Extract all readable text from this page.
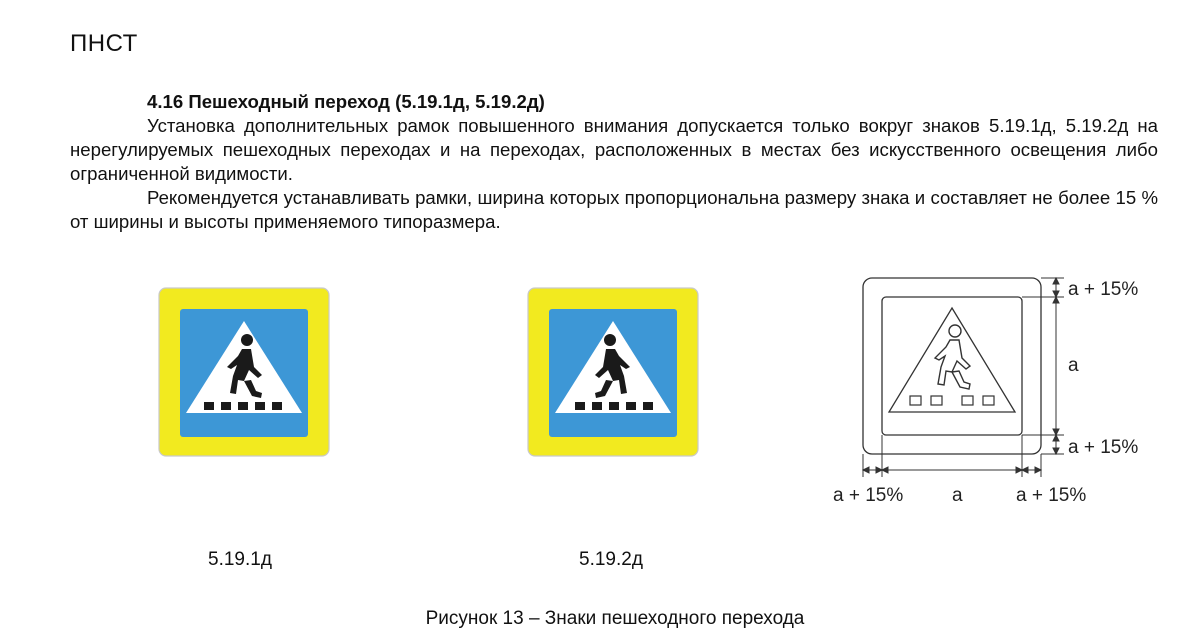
ПНСТ

4.16 Пешеходный переход (5.19.1д, 5.19.2д)

Установка дополнительных рамок повышенного внимания допускается только вокруг знаков 5.19.1д, 5.19.2д на нерегулируемых пешеходных переходах и на переходах, расположенных в местах без искусственного освещения либо ограниченной видимости.

Рекомендуется устанавливать рамки, ширина которых пропорциональна размеру знака и составляет не более 15 % от ширины и высоты применяемого типоразмера.

a + 15%
a
a + 15%
a + 15%	a	a + 15%
5.19.1д	5.19.2д
Рисунок 13 – Знаки пешеходного перехода
